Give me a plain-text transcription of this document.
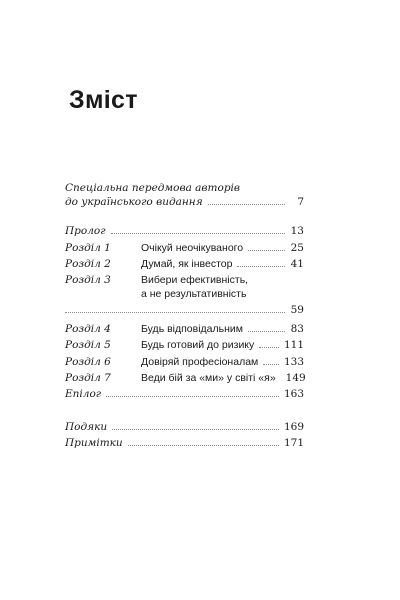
Зміст
Спеціальна передмова авторів
до українського видання	7
Пролог	13
Розділ 1	Очікуй неочікуваного	25
Розділ 2	Думай, як інвестор	41
Розділ 3	Вибери ефективність,
а не результативність
59
Розділ 4	Будь відповідальним	83
Розділ 5	Будь готовий до ризику	111
Розділ 6	Довіряй професіоналам 133
Розділ 7	Веди бій за «ми» у світі «я» 149
Епілог	163
Подяки	169
Примітки	171
